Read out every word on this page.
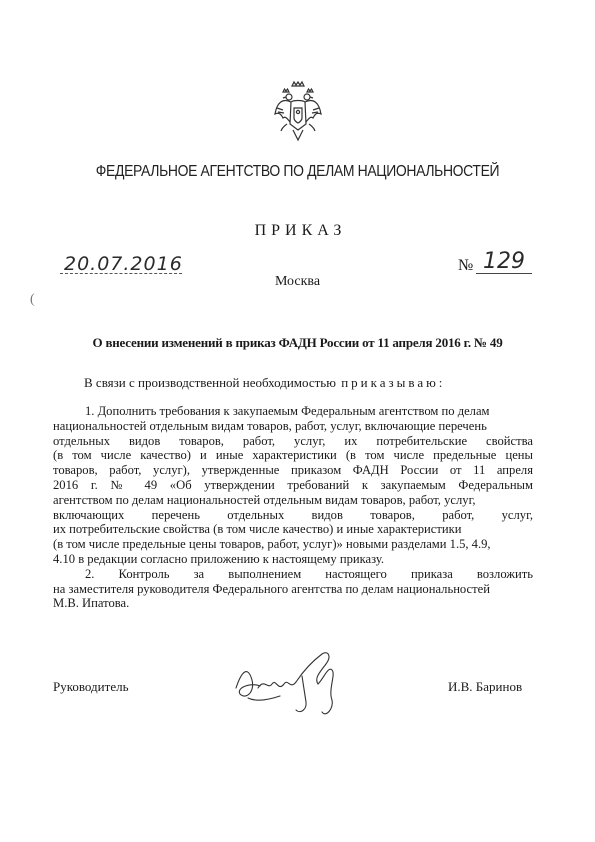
ФЕДЕРАЛЬНОЕ АГЕНТСТВО ПО ДЕЛАМ НАЦИОНАЛЬНОСТЕЙ
ПРИКАЗ
20.07.2016	№ 129
Москва
(
О внесении изменений в приказ ФАДН России от 11 апреля 2016 г. № 49
В связи с производственной необходимостью приказываю:
1. Дополнить требования к закупаемым Федеральным агентством по делам
национальностей отдельным видам товаров, работ, услуг, включающие перечень
отдельных видов товаров, работ, услуг, их потребительские свойства
(в том числе качество) и иные характеристики (в том числе предельные цены
товаров, работ, услуг), утвержденные приказом ФАДН России от 11 апреля
2016 г. № 49 «Об утверждении требований к закупаемым Федеральным
агентством по делам национальностей отдельным видам товаров, работ, услуг,
включающих перечень отдельных видов товаров, работ, услуг,
их потребительские свойства (в том числе качество) и иные характеристики
(в том числе предельные цены товаров, работ, услуг)» новыми разделами 1.5, 4.9,
4.10 в редакции согласно приложению к настоящему приказу.
2. Контроль за выполнением настоящего приказа возложить
на заместителя руководителя Федерального агентства по делам национальностей
М.В. Ипатова.
Руководитель	И.В. Баринов
